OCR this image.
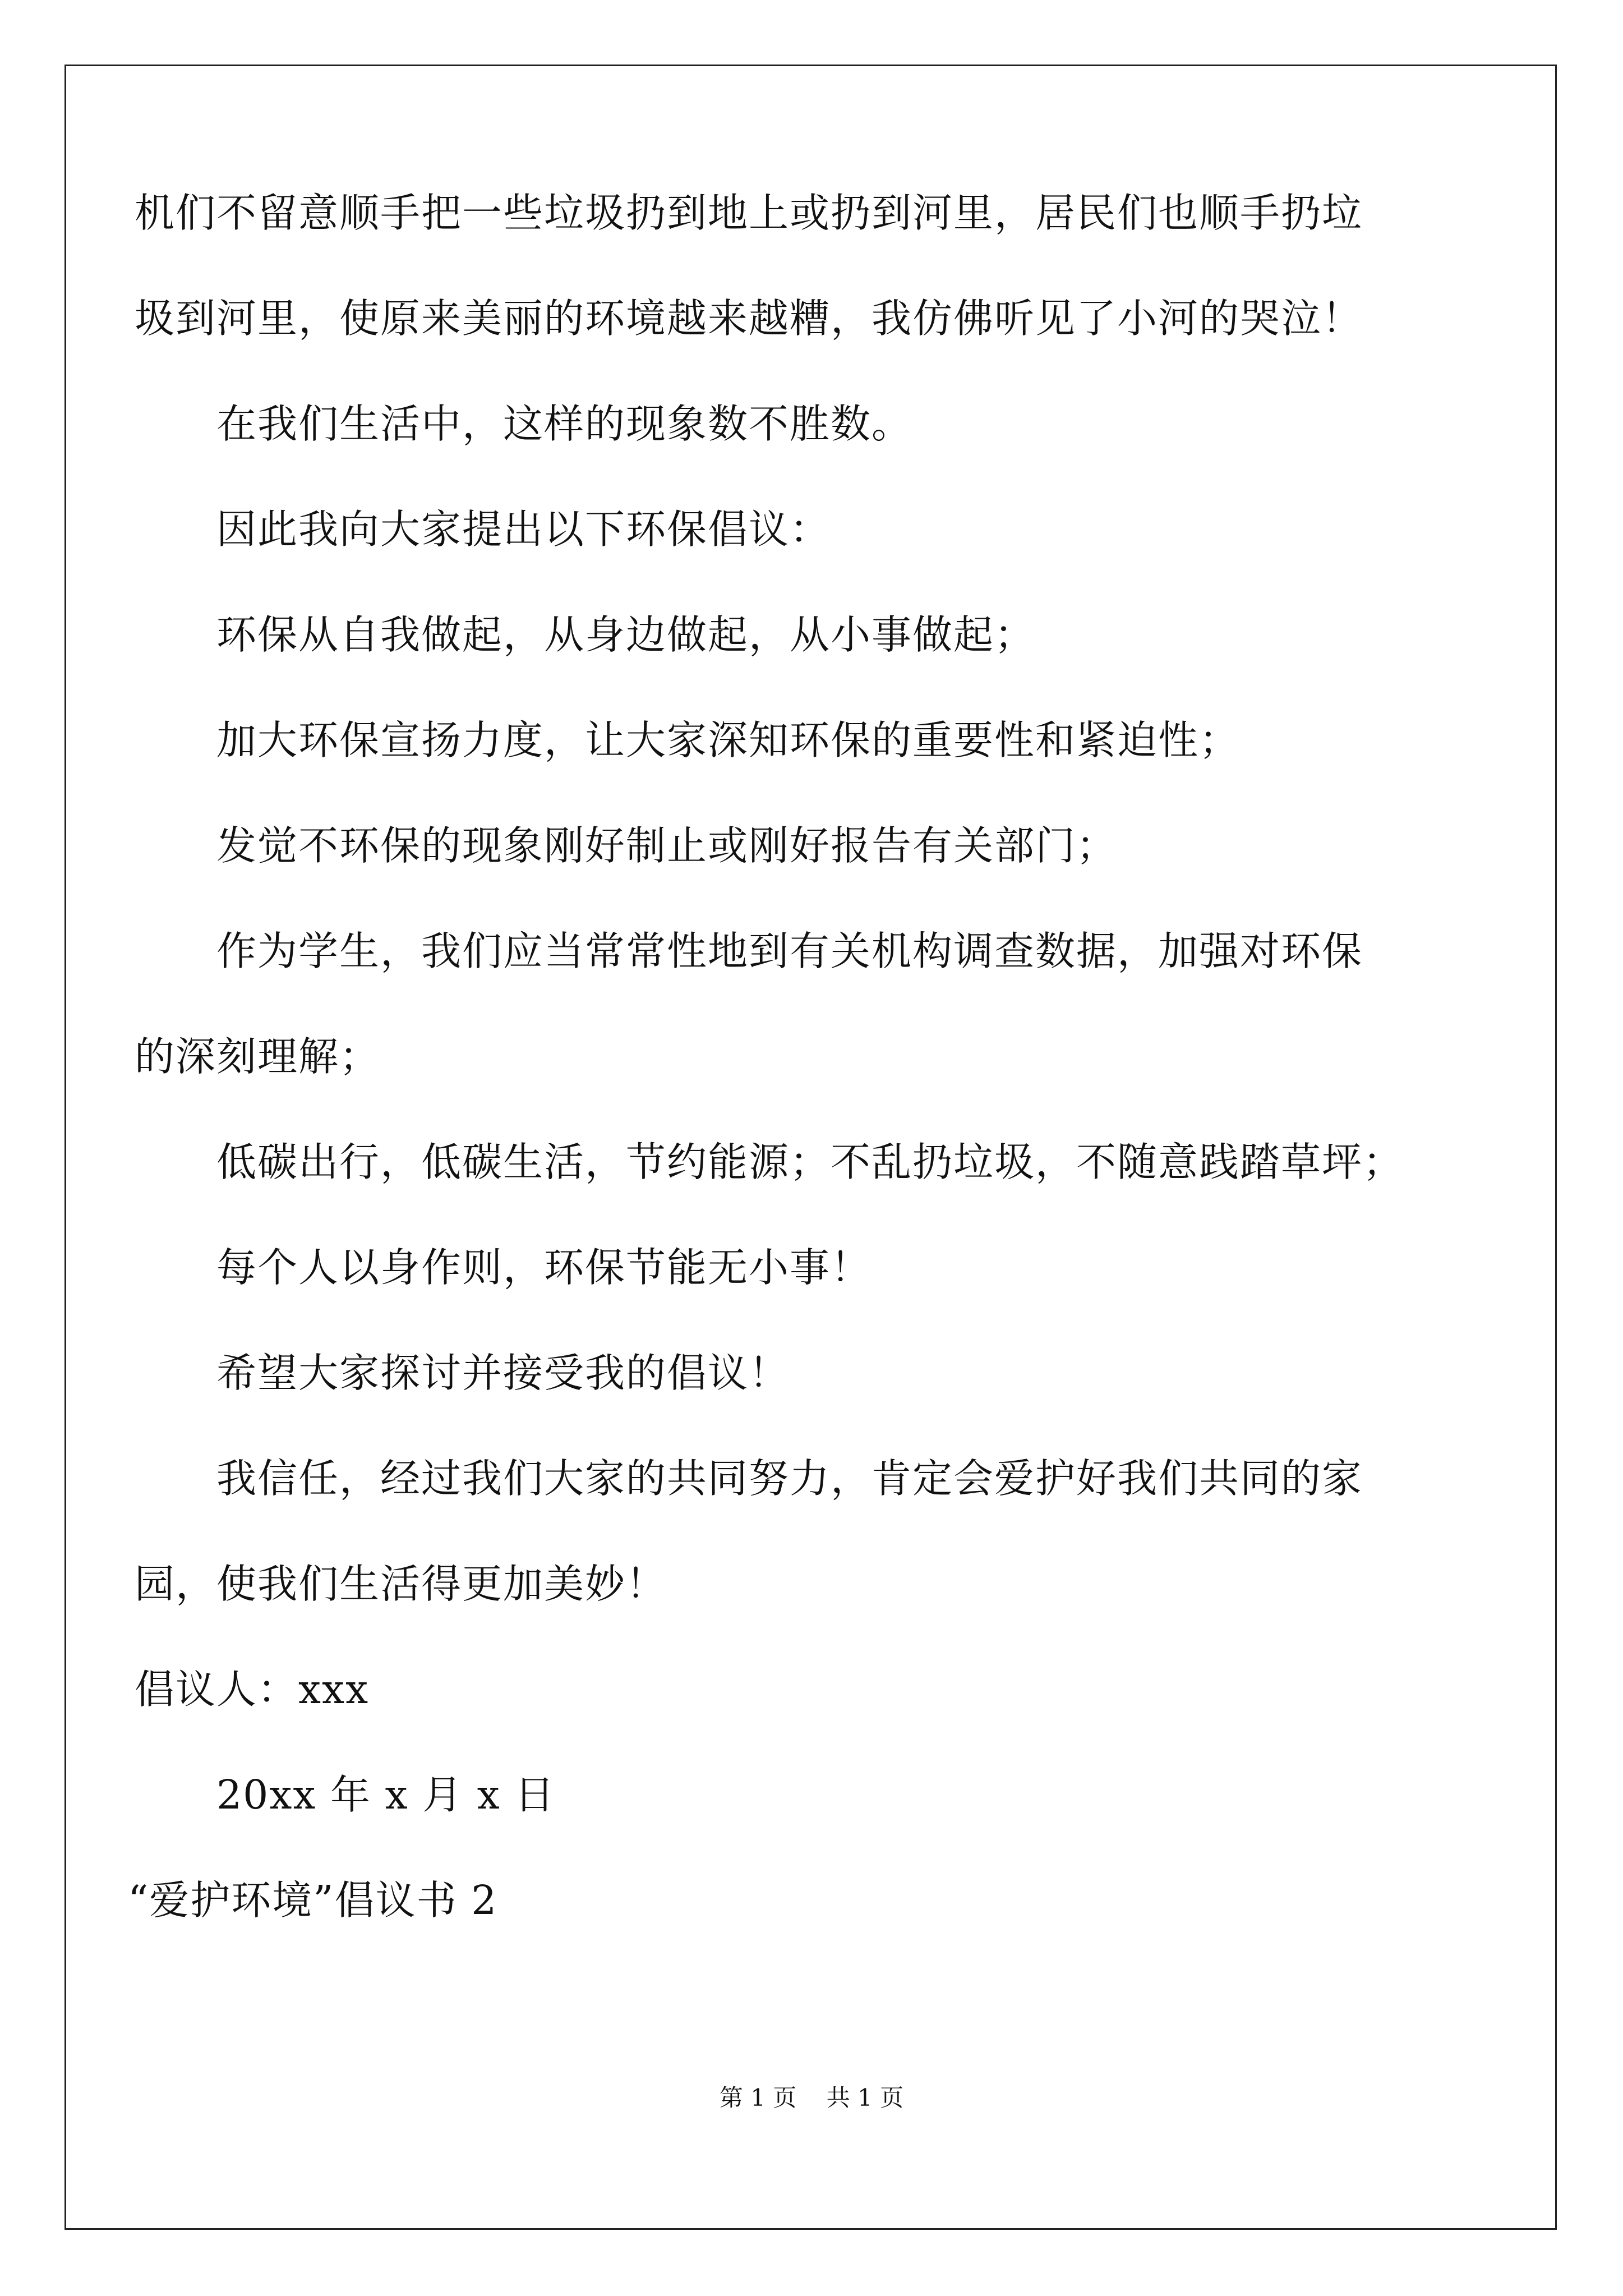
机们不留意顺手把一些垃圾扔到地上或扔到河里，居民们也顺手扔垃
圾到河里，使原来美丽的环境越来越糟，我仿佛听见了小河的哭泣！
在我们生活中，这样的现象数不胜数。
因此我向大家提出以下环保倡议：
环保从自我做起，从身边做起，从小事做起；
加大环保宣扬力度，让大家深知环保的重要性和紧迫性；
发觉不环保的现象刚好制止或刚好报告有关部门；
作为学生，我们应当常常性地到有关机构调查数据，加强对环保
的深刻理解；
低碳出行，低碳生活，节约能源；不乱扔垃圾，不随意践踏草坪；
每个人以身作则，环保节能无小事！
希望大家探讨并接受我的倡议！
我信任，经过我们大家的共同努力，肯定会爱护好我们共同的家
园，使我们生活得更加美妙！
倡议人：xxx
20xx 年 x 月 x 日
“爱护环境”倡议书 2
第 1 页    共 1 页
